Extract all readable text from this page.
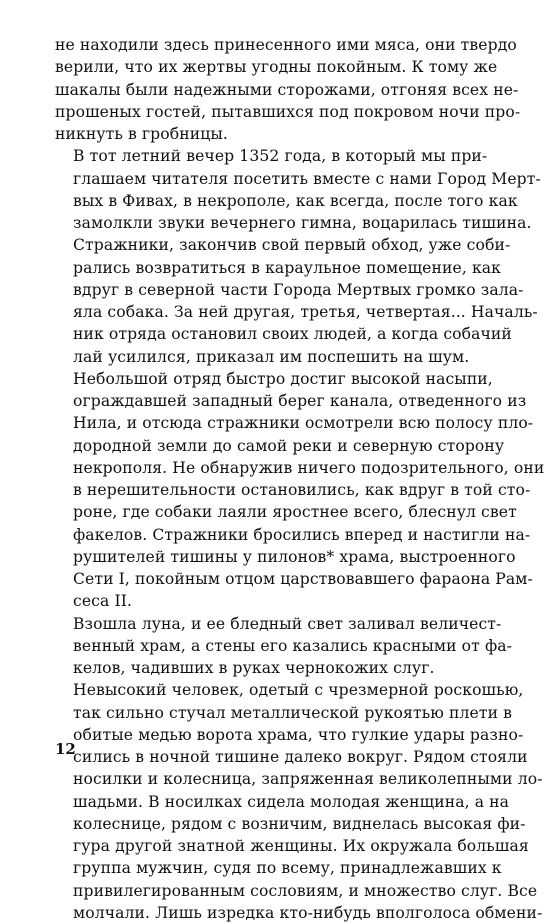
не находили здесь принесенного ими мяса, они твердо
верили, что их жертвы угодны покойным. К тому же
шакалы были надежными сторожами, отгоняя всех не-
прошеных гостей, пытавшихся под покровом ночи про-
никнуть в гробницы.

В тот летний вечер 1352 года, в который мы при-
глашаем читателя посетить вместе с нами Город Мерт-
вых в Фивах, в некрополе, как всегда, после того как
замолкли звуки вечернего гимна, воцарилась тишина.

Стражники, закончив свой первый обход, уже соби-
рались возвратиться в караульное помещение, как
вдруг в северной части Города Мертвых громко зала-
яла собака. За ней другая, третья, четвертая... Началь-
ник отряда остановил своих людей, а когда собачий
лай усилился, приказал им поспешить на шум.

Небольшой отряд быстро достиг высокой насыпи,
ограждавшей западный берег канала, отведенного из
Нила, и отсюда стражники осмотрели всю полосу пло-
дородной земли до самой реки и северную сторону
некрополя. Не обнаружив ничего подозрительного, они
в нерешительности остановились, как вдруг в той сто-
роне, где собаки лаяли яростнее всего, блеснул свет
факелов. Стражники бросились вперед и настигли на-
рушителей тишины у пилонов* храма, выстроенного
Сети I, покойным отцом царствовавшего фараона Рам-
сеса II.

Взошла луна, и ее бледный свет заливал величест-
венный храм, а стены его казались красными от фа-
келов, чадивших в руках чернокожих слуг.

Невысокий человек, одетый с чрезмерной роскошью,
так сильно стучал металлической рукоятью плети в
обитые медью ворота храма, что гулкие удары разно-
сились в ночной тишине далеко вокруг. Рядом стояли
носилки и колесница, запряженная великолепными ло-
шадьми. В носилках сидела молодая женщина, а на
колеснице, рядом с возничим, виднелась высокая фи-
гура другой знатной женщины. Их окружала большая
группа мужчин, судя по всему, принадлежавших к
привилегированным сословиям, и множество слуг. Все
молчали. Лишь изредка кто-нибудь вполголоса обмени-

12
